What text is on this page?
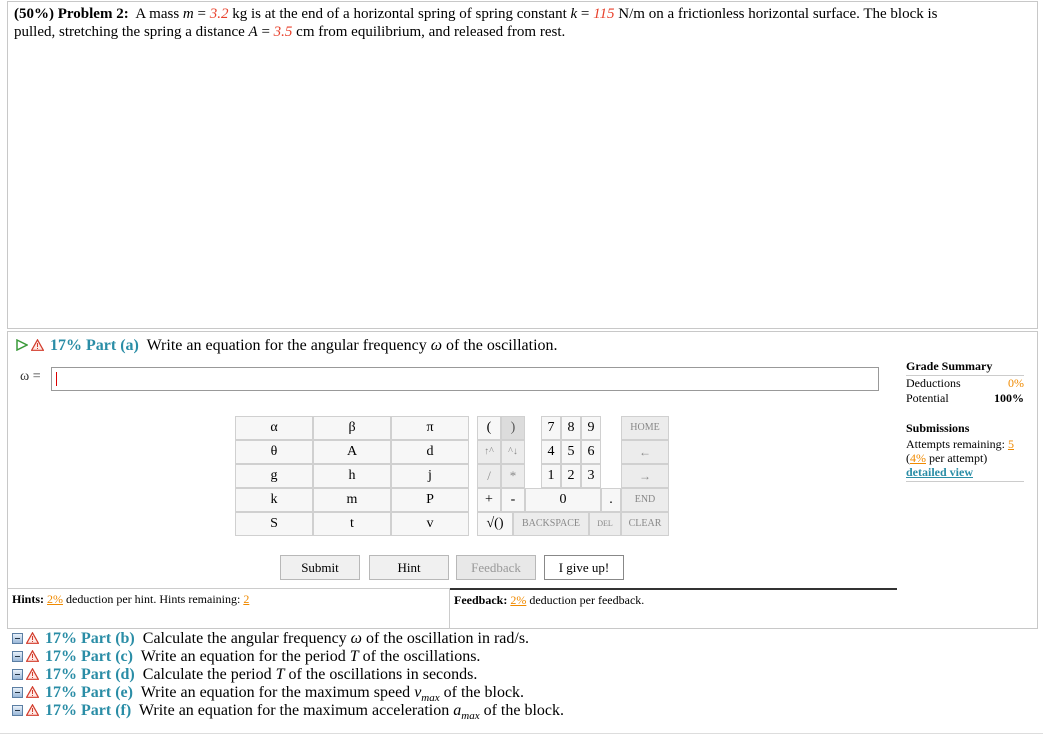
(50%) Problem 2: A mass m = 3.2 kg is at the end of a horizontal spring of spring constant k = 115 N/m on a frictionless horizontal surface. The block is
pulled, stretching the spring a distance A = 3.5 cm from equilibrium, and released from rest.
17% Part (a) Write an equation for the angular frequency ω of the oscillation.
ω =
Grade Summary
Deductions	0%
Potential	100%
Submissions
Attempts remaining: 5
(4% per attempt)
detailed view
α	β	π
θ	A	d
g	h	j
k	m	P
S	t	v
(	)
↑^	^↓
/	*
+	-
√()
7 8 9
4 5 6
1 2 3
0	.
HOME
←
→
END
BACKSPACE	DEL	CLEAR
Submit	Hint	Feedback	I give up!
Hints: 2% deduction per hint. Hints remaining: 2	Feedback: 2% deduction per feedback.
17% Part (b) Calculate the angular frequency ω of the oscillation in rad/s.
17% Part (c) Write an equation for the period T of the oscillations.
17% Part (d) Calculate the period T of the oscillations in seconds.
17% Part (e) Write an equation for the maximum speed $v_{max}$ of the block.
17% Part (f) Write an equation for the maximum acceleration $a_{max}$ of the block.
